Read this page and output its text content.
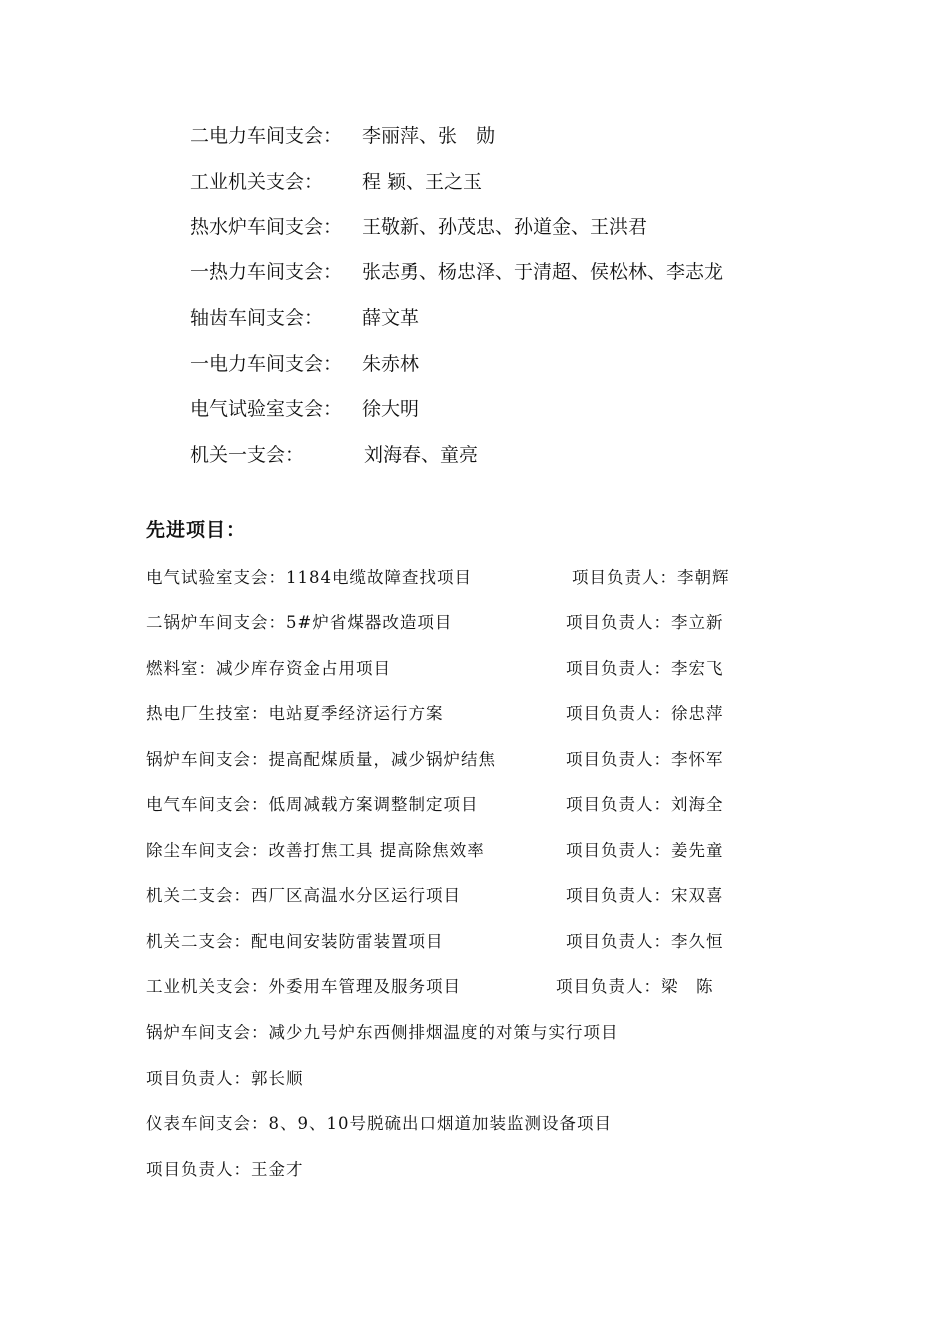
二电力车间支会： 李丽萍、张　勋
工业机关支会： 程 颖、王之玉
热水炉车间支会： 王敬新、孙茂忠、孙道金、王洪君
一热力车间支会： 张志勇、杨忠泽、于清超、侯松林、李志龙
轴齿车间支会： 薛文革
一电力车间支会： 朱赤林
电气试验室支会： 徐大明
机关一支会：	刘海春、童亮
先进项目：
电气试验室支会：1184电缆故障查找项目	项目负责人：李朝辉
二锅炉车间支会：5#炉省煤器改造项目	项目负责人：李立新
燃料室：减少库存资金占用项目	项目负责人：李宏飞
热电厂生技室：电站夏季经济运行方案	项目负责人：徐忠萍
锅炉车间支会：提高配煤质量，减少锅炉结焦	项目负责人：李怀军
电气车间支会：低周减载方案调整制定项目	项目负责人：刘海全
除尘车间支会：改善打焦工具 提高除焦效率	项目负责人：姜先童
机关二支会：西厂区高温水分区运行项目	项目负责人：宋双喜
机关二支会：配电间安装防雷装置项目	项目负责人：李久恒
工业机关支会：外委用车管理及服务项目	项目负责人：梁　陈
锅炉车间支会：减少九号炉东西侧排烟温度的对策与实行项目
项目负责人：郭长顺
仪表车间支会：8、9、10号脱硫出口烟道加装监测设备项目
项目负责人：王金才
